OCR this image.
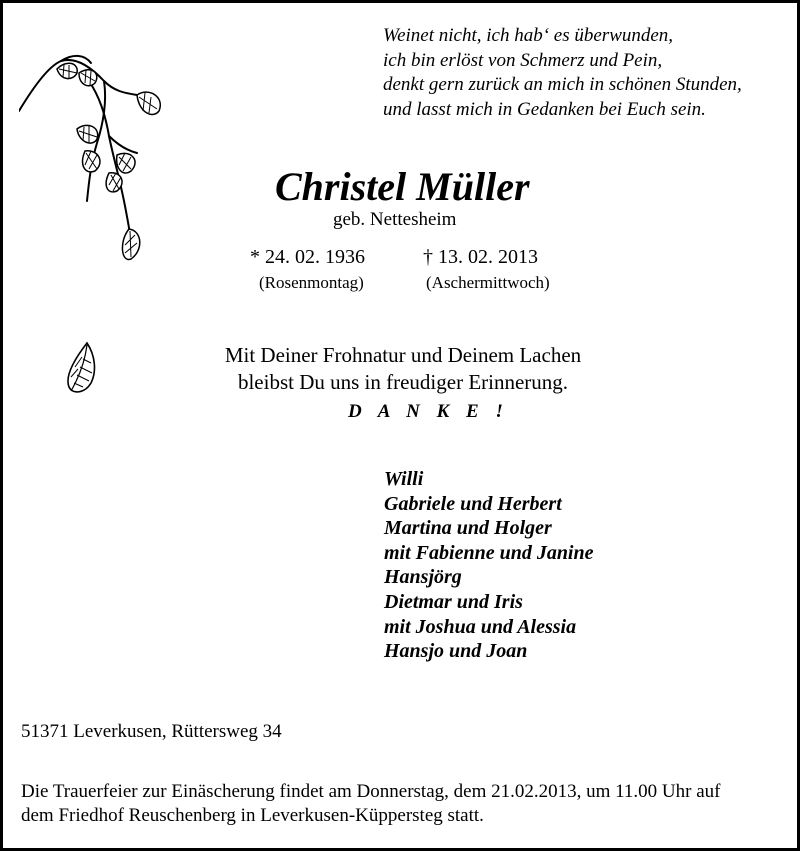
Weinet nicht, ich hab‘ es überwunden,
ich bin erlöst von Schmerz und Pein,
denkt gern zurück an mich in schönen Stunden,
und lasst mich in Gedanken bei Euch sein.
Christel Müller
geb. Nettesheim
* 24. 02. 1936
(Rosenmontag)
† 13. 02. 2013
(Aschermittwoch)
Mit Deiner Frohnatur und Deinem Lachen
bleibst Du uns in freudiger Erinnerung.
D A N K E !
Willi
Gabriele und Herbert
Martina und Holger
mit Fabienne und Janine
Hansjörg
Dietmar und Iris
mit Joshua und Alessia
Hansjo und Joan
51371 Leverkusen, Rüttersweg 34
Die Trauerfeier zur Einäscherung findet am Donnerstag, dem 21.02.2013, um 11.00 Uhr auf
dem Friedhof Reuschenberg in Leverkusen-Küppersteg statt.
